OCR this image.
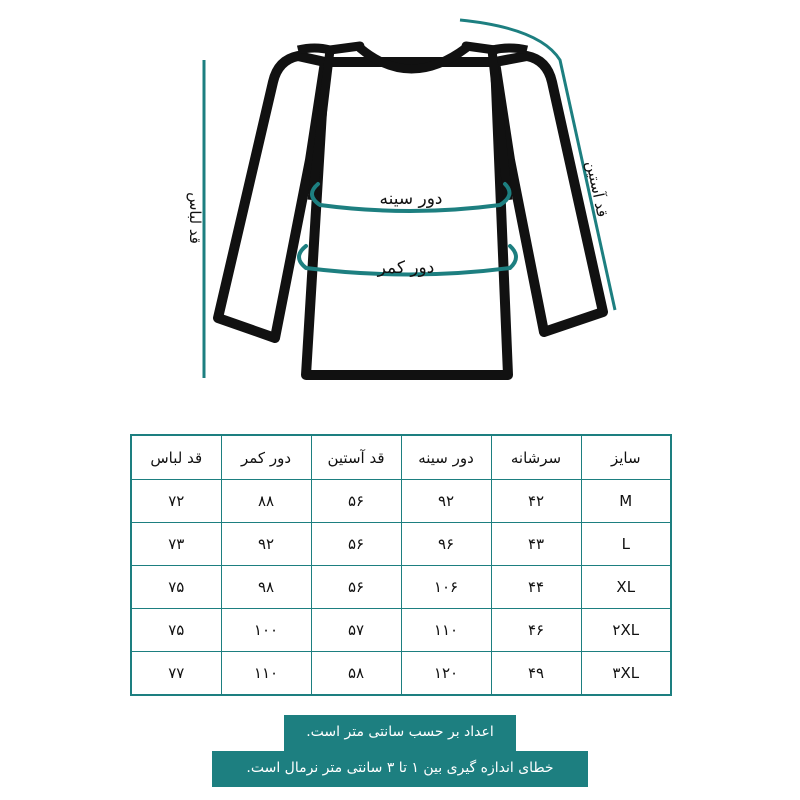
دور سینه
دور کمر
قد لباس	قد آستین
سایز	سرشانه	دور سینه	قد آستین	دور کمر	قد لباس
M	۴۲	۹۲	۵۶	۸۸	۷۲
L	۴۳	۹۶	۵۶	۹۲	۷۳
XL	۴۴	۱۰۶	۵۶	۹۸	۷۵
۲XL	۴۶	۱۱۰	۵۷	۱۰۰	۷۵
۳XL	۴۹	۱۲۰	۵۸	۱۱۰	۷۷
اعداد بر حسب سانتی متر است.
خطای اندازه گیری بین ۱ تا ۳ سانتی متر نرمال است.
